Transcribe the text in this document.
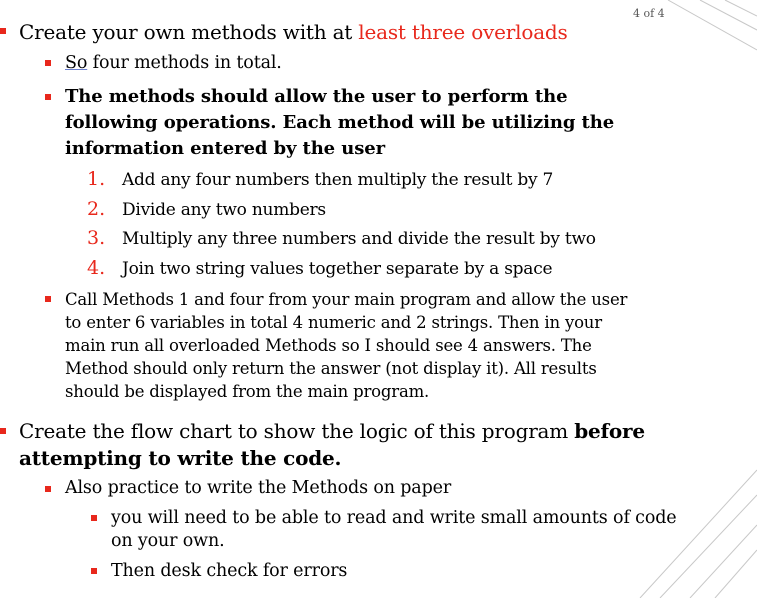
4 of 4
Create your own methods with at least three overloads
So four methods in total.
The methods should allow the user to perform the
following operations. Each method will be utilizing the
information entered by the user
1. Add any four numbers then multiply the result by 7
2. Divide any two numbers
3. Multiply any three numbers and divide the result by two
4. Join two string values together separate by a space
Call Methods 1 and four from your main program and allow the user
to enter 6 variables in total 4 numeric and 2 strings. Then in your
main run all overloaded Methods so I should see 4 answers. The
Method should only return the answer (not display it). All results
should be displayed from the main program.
Create the flow chart to show the logic of this program before
attempting to write the code.
Also practice to write the Methods on paper
you will need to be able to read and write small amounts of code
on your own.
Then desk check for errors
